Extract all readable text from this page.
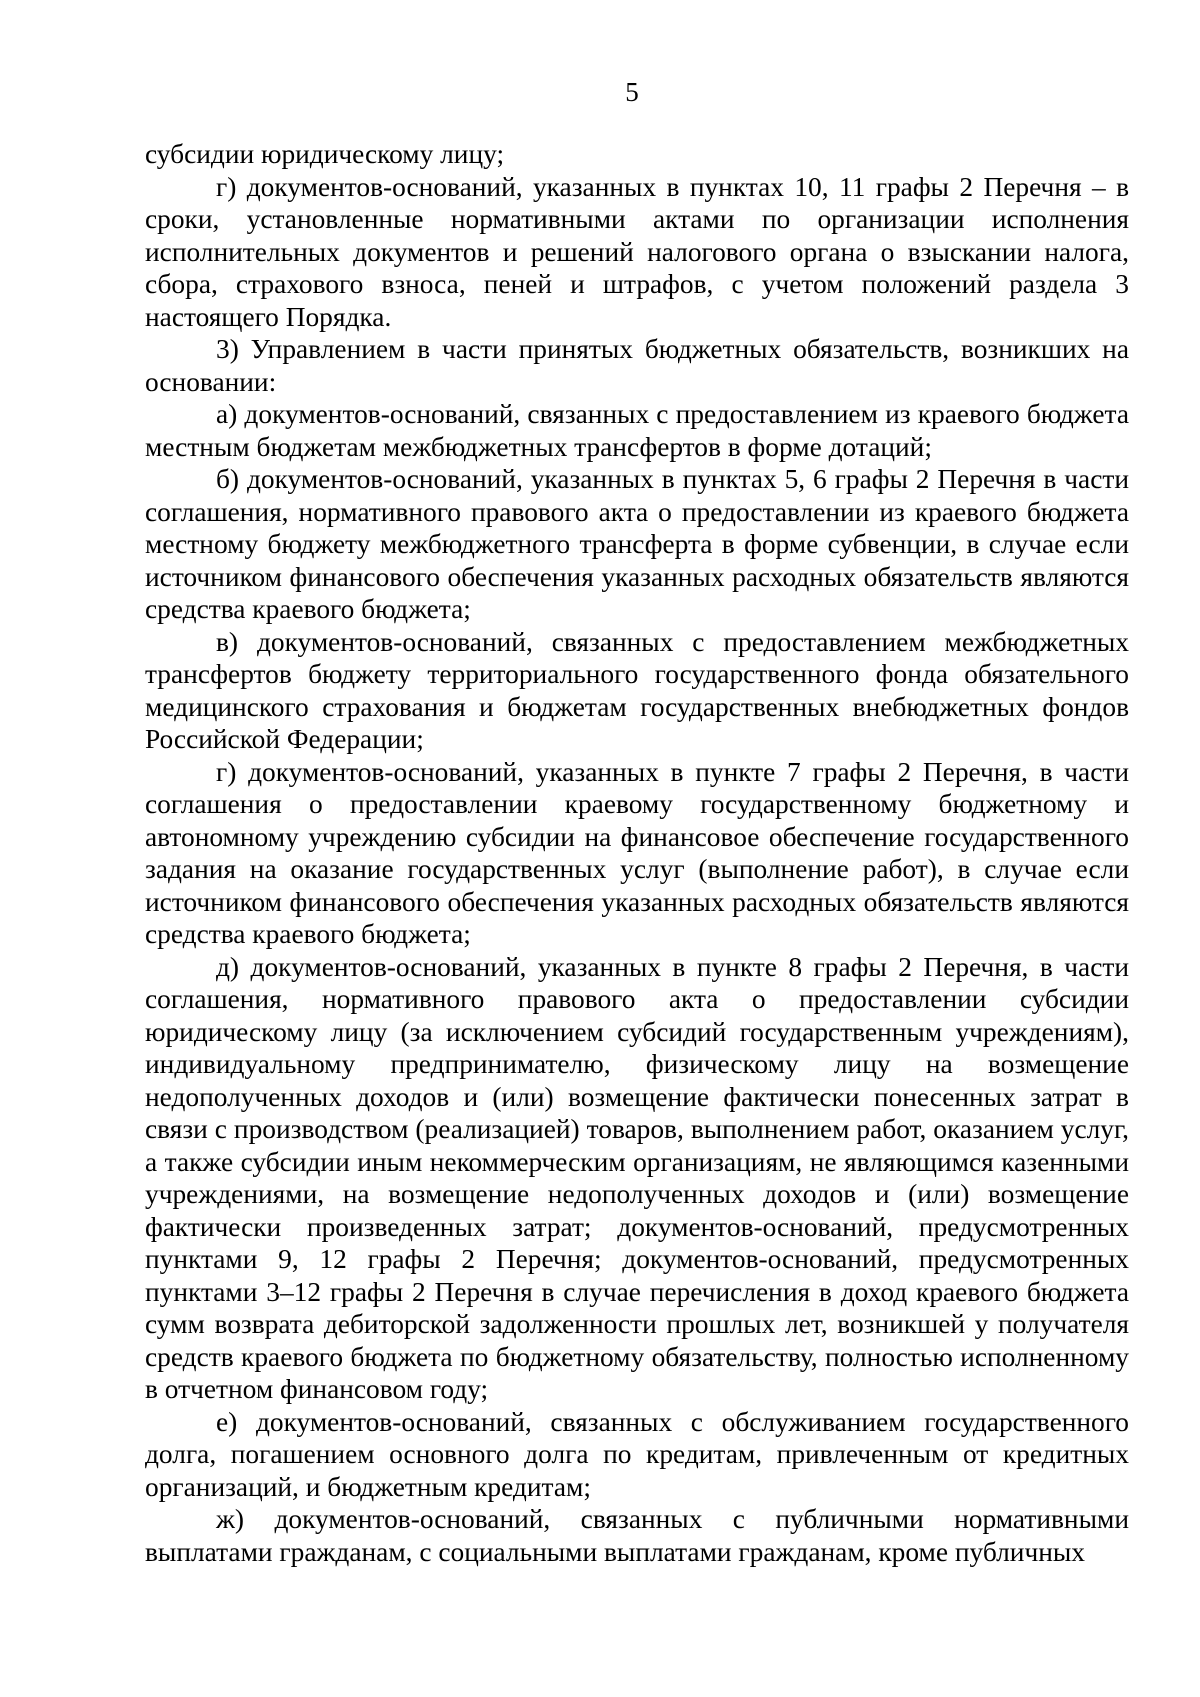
5

субсидии юридическому лицу;

г) документов-оснований, указанных в пунктах 10, 11 графы 2 Перечня – в сроки, установленные нормативными актами по организации исполнения исполнительных документов и решений налогового органа о взыскании налога, сбора, страхового взноса, пеней и штрафов, с учетом положений раздела 3 настоящего Порядка.

3) Управлением в части принятых бюджетных обязательств, возникших на основании:

а) документов-оснований, связанных с предоставлением из краевого бюджета местным бюджетам межбюджетных трансфертов в форме дотаций;

б) документов-оснований, указанных в пунктах 5, 6 графы 2 Перечня в части соглашения, нормативного правового акта о предоставлении из краевого бюджета местному бюджету межбюджетного трансферта в форме субвенции, в случае если источником финансового обеспечения указанных расходных обязательств являются средства краевого бюджета;

в) документов-оснований, связанных с предоставлением межбюджетных трансфертов бюджету территориального государственного фонда обязательного медицинского страхования и бюджетам государственных внебюджетных фондов Российской Федерации;

г) документов-оснований, указанных в пункте 7 графы 2 Перечня, в части соглашения о предоставлении краевому государственному бюджетному и автономному учреждению субсидии на финансовое обеспечение государственного задания на оказание государственных услуг (выполнение работ), в случае если источником финансового обеспечения указанных расходных обязательств являются средства краевого бюджета;

д) документов-оснований, указанных в пункте 8 графы 2 Перечня, в части соглашения, нормативного правового акта о предоставлении субсидии юридическому лицу (за исключением субсидий государственным учреждениям), индивидуальному предпринимателю, физическому лицу на возмещение недополученных доходов и (или) возмещение фактически понесенных затрат в связи с производством (реализацией) товаров, выполнением работ, оказанием услуг, а также субсидии иным некоммерческим организациям, не являющимся казенными учреждениями, на возмещение недополученных доходов и (или) возмещение фактически произведенных затрат; документов-оснований, предусмотренных пунктами 9, 12 графы 2 Перечня; документов-оснований, предусмотренных пунктами 3–12 графы 2 Перечня в случае перечисления в доход краевого бюджета сумм возврата дебиторской задолженности прошлых лет, возникшей у получателя средств краевого бюджета по бюджетному обязательству, полностью исполненному в отчетном финансовом году;

е) документов-оснований, связанных с обслуживанием государственного долга, погашением основного долга по кредитам, привлеченным от кредитных организаций, и бюджетным кредитам;

ж) документов-оснований, связанных с публичными нормативными выплатами гражданам, с социальными выплатами гражданам, кроме публичных
